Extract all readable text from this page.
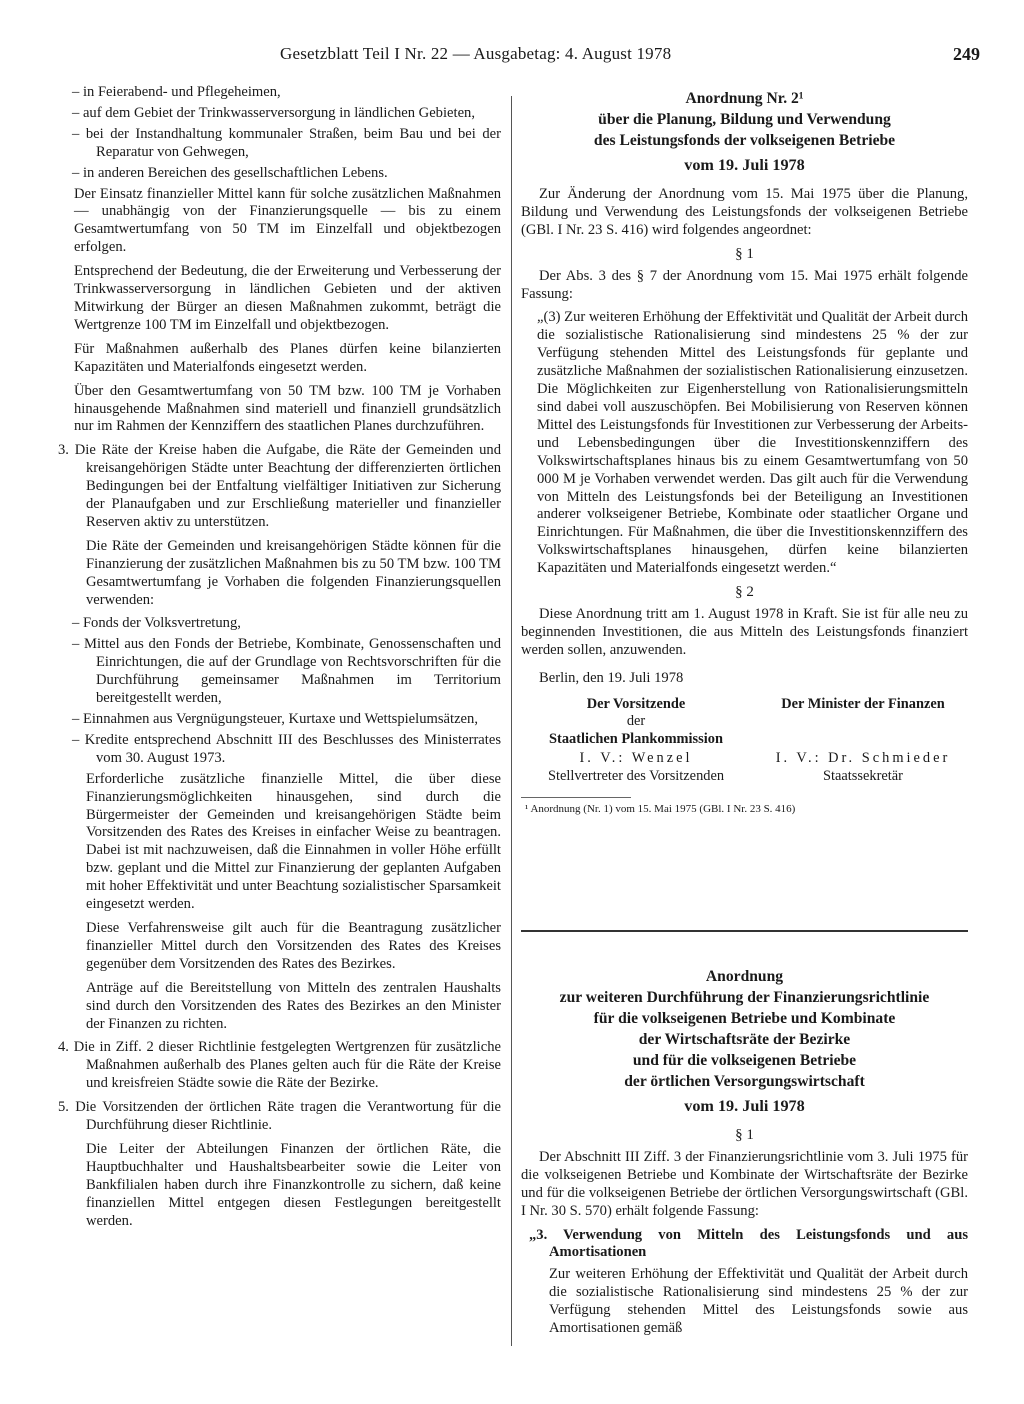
Gesetzblatt Teil I Nr. 22 — Ausgabetag: 4. August 1978	249

– in Feierabend- und Pflegeheimen,

– auf dem Gebiet der Trinkwasserversorgung in ländlichen Gebieten,

– bei der Instandhaltung kommunaler Straßen, beim Bau und bei der Reparatur von Gehwegen,

– in anderen Bereichen des gesellschaftlichen Lebens.

Der Einsatz finanzieller Mittel kann für solche zusätzlichen Maßnahmen — unabhängig von der Finanzierungsquelle — bis zu einem Gesamtwertumfang von 50 TM im Einzelfall und objektbezogen erfolgen.

Entsprechend der Bedeutung, die der Erweiterung und Verbesserung der Trinkwasserversorgung in ländlichen Gebieten und der aktiven Mitwirkung der Bürger an diesen Maßnahmen zukommt, beträgt die Wertgrenze 100 TM im Einzelfall und objektbezogen.

Für Maßnahmen außerhalb des Planes dürfen keine bilanzierten Kapazitäten und Materialfonds eingesetzt werden.

Über den Gesamtwertumfang von 50 TM bzw. 100 TM je Vorhaben hinausgehende Maßnahmen sind materiell und finanziell grundsätzlich nur im Rahmen der Kennziffern des staatlichen Planes durchzuführen.

3. Die Räte der Kreise haben die Aufgabe, die Räte der Gemeinden und kreisangehörigen Städte unter Beachtung der differenzierten örtlichen Bedingungen bei der Entfaltung vielfältiger Initiativen zur Sicherung der Planaufgaben und zur Erschließung materieller und finanzieller Reserven aktiv zu unterstützen.

Die Räte der Gemeinden und kreisangehörigen Städte können für die Finanzierung der zusätzlichen Maßnahmen bis zu 50 TM bzw. 100 TM Gesamtwertumfang je Vorhaben die folgenden Finanzierungsquellen verwenden:

– Fonds der Volksvertretung,

– Mittel aus den Fonds der Betriebe, Kombinate, Genossenschaften und Einrichtungen, die auf der Grundlage von Rechtsvorschriften für die Durchführung gemeinsamer Maßnahmen im Territorium bereitgestellt werden,

– Einnahmen aus Vergnügungsteuer, Kurtaxe und Wettspielumsätzen,

– Kredite entsprechend Abschnitt III des Beschlusses des Ministerrates vom 30. August 1973.

Erforderliche zusätzliche finanzielle Mittel, die über diese Finanzierungsmöglichkeiten hinausgehen, sind durch die Bürgermeister der Gemeinden und kreisangehörigen Städte beim Vorsitzenden des Rates des Kreises in einfacher Weise zu beantragen. Dabei ist mit nachzuweisen, daß die Einnahmen in voller Höhe erfüllt bzw. geplant und die Mittel zur Finanzierung der geplanten Aufgaben mit hoher Effektivität und unter Beachtung sozialistischer Sparsamkeit eingesetzt werden.

Diese Verfahrensweise gilt auch für die Beantragung zusätzlicher finanzieller Mittel durch den Vorsitzenden des Rates des Kreises gegenüber dem Vorsitzenden des Rates des Bezirkes.

Anträge auf die Bereitstellung von Mitteln des zentralen Haushalts sind durch den Vorsitzenden des Rates des Bezirkes an den Minister der Finanzen zu richten.

4. Die in Ziff. 2 dieser Richtlinie festgelegten Wertgrenzen für zusätzliche Maßnahmen außerhalb des Planes gelten auch für die Räte der Kreise und kreisfreien Städte sowie die Räte der Bezirke.

5. Die Vorsitzenden der örtlichen Räte tragen die Verantwortung für die Durchführung dieser Richtlinie.

Die Leiter der Abteilungen Finanzen der örtlichen Räte, die Hauptbuchhalter und Haushaltsbearbeiter sowie die Leiter von Bankfilialen haben durch ihre Finanzkontrolle zu sichern, daß keine finanziellen Mittel entgegen diesen Festlegungen bereitgestellt werden.

Anordnung Nr. 2¹
über die Planung, Bildung und Verwendung
des Leistungsfonds der volkseigenen Betriebe
vom 19. Juli 1978

Zur Änderung der Anordnung vom 15. Mai 1975 über die Planung, Bildung und Verwendung des Leistungsfonds der volkseigenen Betriebe (GBl. I Nr. 23 S. 416) wird folgendes angeordnet:

§ 1

Der Abs. 3 des § 7 der Anordnung vom 15. Mai 1975 erhält folgende Fassung:

„(3) Zur weiteren Erhöhung der Effektivität und Qualität der Arbeit durch die sozialistische Rationalisierung sind mindestens 25 % der zur Verfügung stehenden Mittel des Leistungsfonds für geplante und zusätzliche Maßnahmen der sozialistischen Rationalisierung einzusetzen. Die Möglichkeiten zur Eigenherstellung von Rationalisierungsmitteln sind dabei voll auszuschöpfen. Bei Mobilisierung von Reserven können Mittel des Leistungsfonds für Investitionen zur Verbesserung der Arbeits- und Lebensbedingungen über die Investitionskennziffern des Volkswirtschaftsplanes hinaus bis zu einem Gesamtwertumfang von 50 000 M je Vorhaben verwendet werden. Das gilt auch für die Verwendung von Mitteln des Leistungsfonds bei der Beteiligung an Investitionen anderer volkseigener Betriebe, Kombinate oder staatlicher Organe und Einrichtungen. Für Maßnahmen, die über die Investitionskennziffern des Volkswirtschaftsplanes hinausgehen, dürfen keine bilanzierten Kapazitäten und Materialfonds eingesetzt werden.“

§ 2

Diese Anordnung tritt am 1. August 1978 in Kraft. Sie ist für alle neu zu beginnenden Investitionen, die aus Mitteln des Leistungsfonds finanziert werden sollen, anzuwenden.

Berlin, den 19. Juli 1978

Der Vorsitzende
der
Staatlichen Plankommission
I. V.: Wenzel
Stellvertreter des Vorsitzenden
Der Minister der Finanzen
I. V.: Dr. Schmieder
Staatssekretär
¹ Anordnung (Nr. 1) vom 15. Mai 1975 (GBl. I Nr. 23 S. 416)
Anordnung
zur weiteren Durchführung der Finanzierungsrichtlinie
für die volkseigenen Betriebe und Kombinate
der Wirtschaftsräte der Bezirke
und für die volkseigenen Betriebe
der örtlichen Versorgungswirtschaft
vom 19. Juli 1978
§ 1

Der Abschnitt III Ziff. 3 der Finanzierungsrichtlinie vom 3. Juli 1975 für die volkseigenen Betriebe und Kombinate der Wirtschaftsräte der Bezirke und für die volkseigenen Betriebe der örtlichen Versorgungswirtschaft (GBl. I Nr. 30 S. 570) erhält folgende Fassung:

„3. Verwendung von Mitteln des Leistungsfonds und aus Amortisationen

Zur weiteren Erhöhung der Effektivität und Qualität der Arbeit durch die sozialistische Rationalisierung sind mindestens 25 % der zur Verfügung stehenden Mittel des Leistungsfonds sowie aus Amortisationen gemäß
